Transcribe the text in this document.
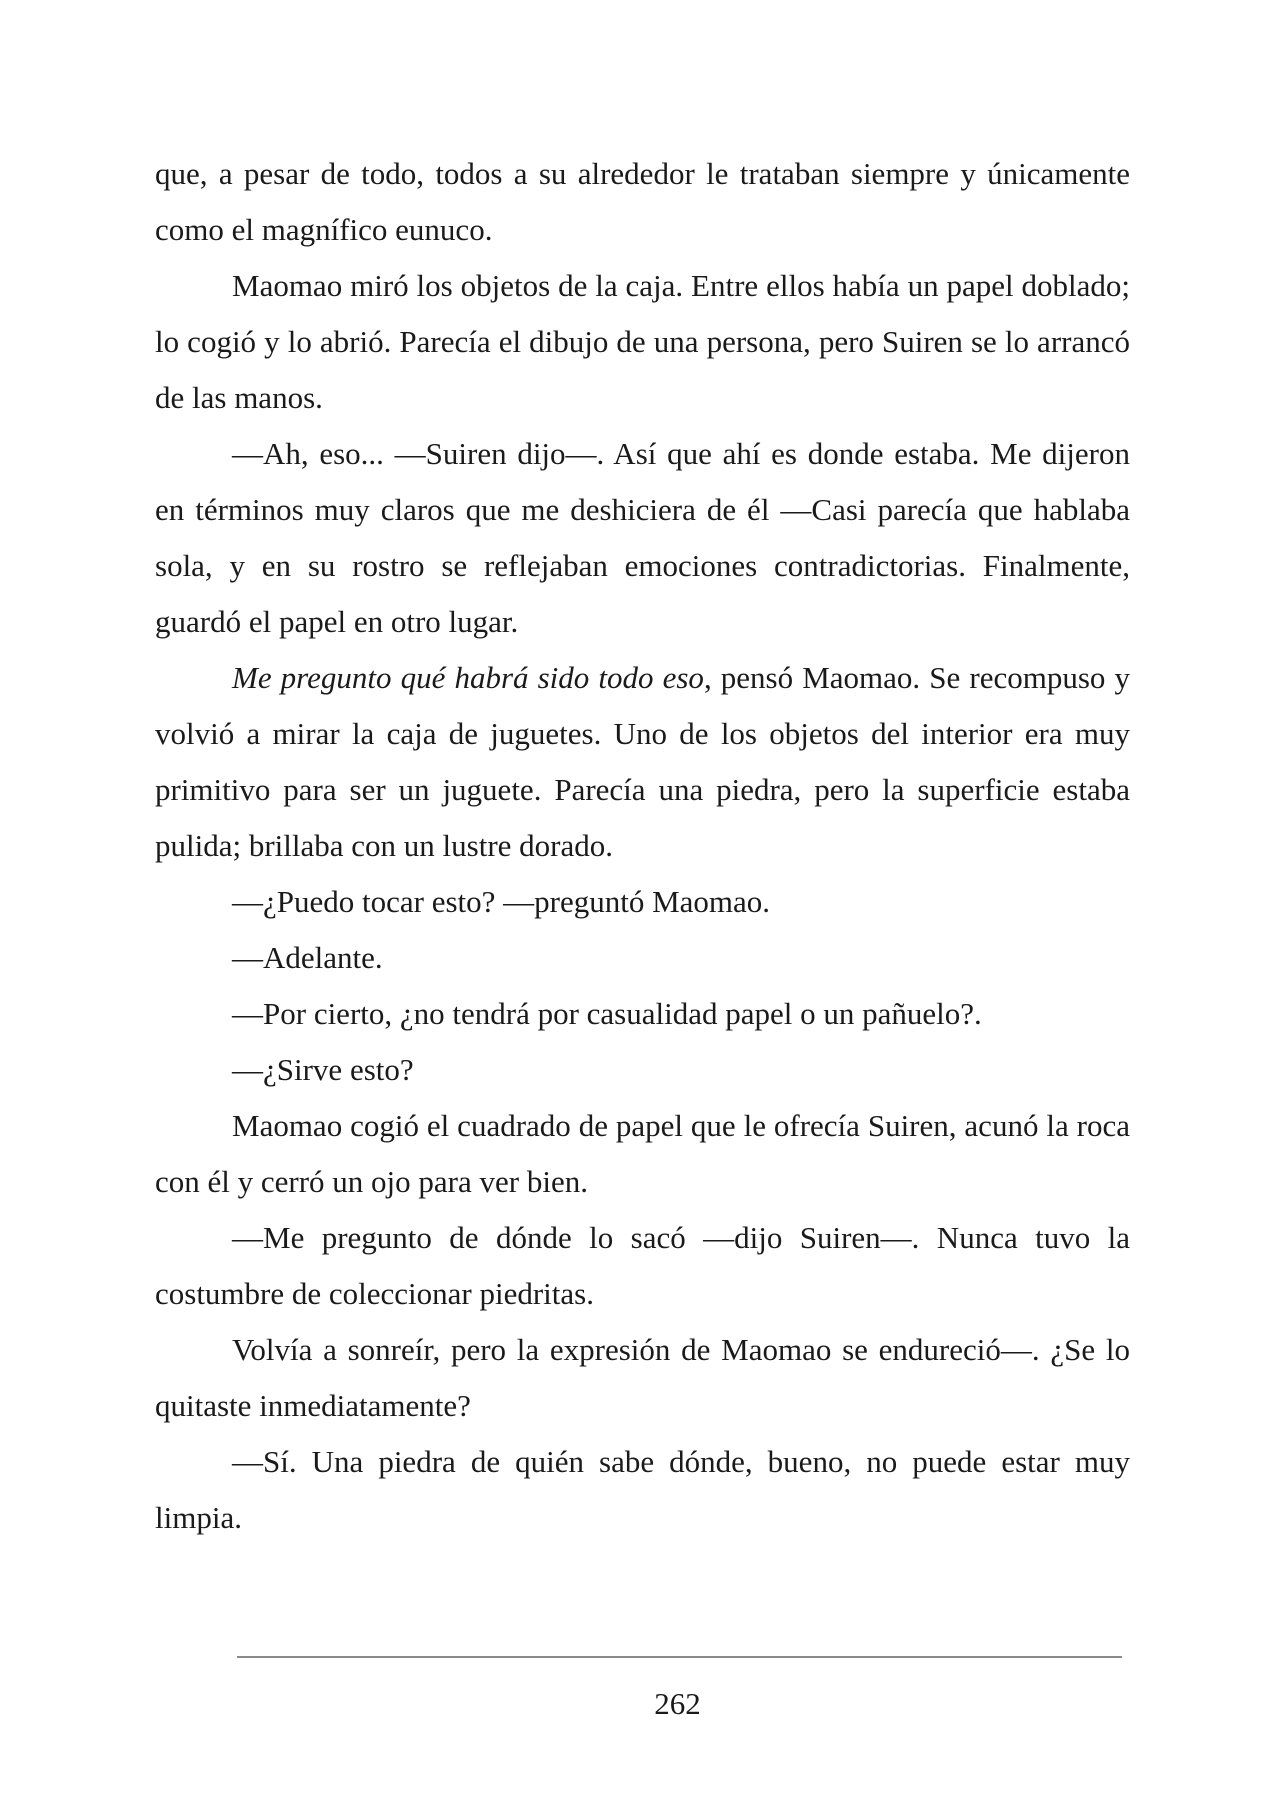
que, a pesar de todo, todos a su alrededor le trataban siempre y únicamente como el magnífico eunuco.

Maomao miró los objetos de la caja. Entre ellos había un papel doblado; lo cogió y lo abrió. Parecía el dibujo de una persona, pero Suiren se lo arrancó de las manos.

—Ah, eso... —Suiren dijo—. Así que ahí es donde estaba. Me dijeron en términos muy claros que me deshiciera de él —Casi parecía que hablaba sola, y en su rostro se reflejaban emociones contradictorias. Finalmente, guardó el papel en otro lugar.

Me pregunto qué habrá sido todo eso, pensó Maomao. Se recompuso y volvió a mirar la caja de juguetes. Uno de los objetos del interior era muy primitivo para ser un juguete. Parecía una piedra, pero la superficie estaba pulida; brillaba con un lustre dorado.

—¿Puedo tocar esto? —preguntó Maomao.

—Adelante.

—Por cierto, ¿no tendrá por casualidad papel o un pañuelo?.

—¿Sirve esto?

Maomao cogió el cuadrado de papel que le ofrecía Suiren, acunó la roca con él y cerró un ojo para ver bien.

—Me pregunto de dónde lo sacó —dijo Suiren—. Nunca tuvo la costumbre de coleccionar piedritas.

Volvía a sonreír, pero la expresión de Maomao se endureció—. ¿Se lo quitaste inmediatamente?

—Sí. Una piedra de quién sabe dónde, bueno, no puede estar muy limpia.

262
